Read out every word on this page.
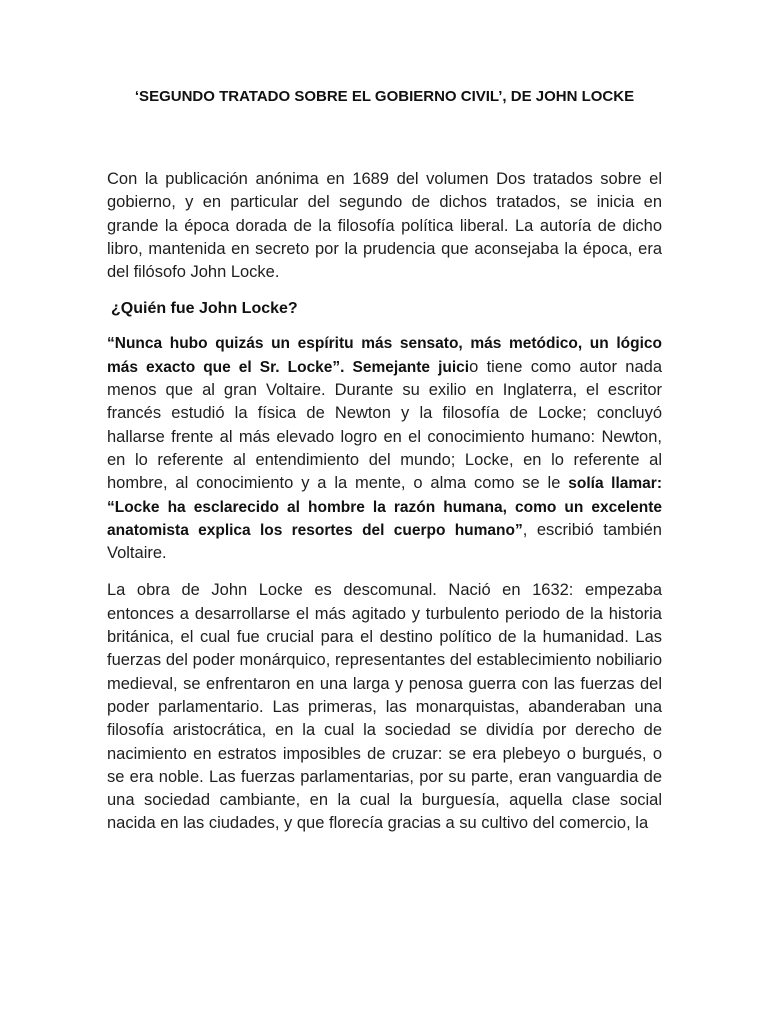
‘SEGUNDO TRATADO SOBRE EL GOBIERNO CIVIL’, DE JOHN LOCKE

Con la publicación anónima en 1689 del volumen Dos tratados sobre el gobierno, y en particular del segundo de dichos tratados, se inicia en grande la época dorada de la filosofía política liberal. La autoría de dicho libro, mantenida en secreto por la prudencia que aconsejaba la época, era del filósofo John Locke.

¿Quién fue John Locke?

“Nunca hubo quizás un espíritu más sensato, más metódico, un lógico más exacto que el Sr. Locke”. Semejante juicio tiene como autor nada menos que al gran Voltaire. Durante su exilio en Inglaterra, el escritor francés estudió la física de Newton y la filosofía de Locke; concluyó hallarse frente al más elevado logro en el conocimiento humano: Newton, en lo referente al entendimiento del mundo; Locke, en lo referente al hombre, al conocimiento y a la mente, o alma como se le solía llamar: “Locke ha esclarecido al hombre la razón humana, como un excelente anatomista explica los resortes del cuerpo humano”, escribió también Voltaire.

La obra de John Locke es descomunal. Nació en 1632: empezaba entonces a desarrollarse el más agitado y turbulento periodo de la historia británica, el cual fue crucial para el destino político de la humanidad. Las fuerzas del poder monárquico, representantes del establecimiento nobiliario medieval, se enfrentaron en una larga y penosa guerra con las fuerzas del poder parlamentario. Las primeras, las monarquistas, abanderaban una filosofía aristocrática, en la cual la sociedad se dividía por derecho de nacimiento en estratos imposibles de cruzar: se era plebeyo o burgués, o se era noble. Las fuerzas parlamentarias, por su parte, eran vanguardia de una sociedad cambiante, en la cual la burguesía, aquella clase social nacida en las ciudades, y que florecía gracias a su cultivo del comercio, la
